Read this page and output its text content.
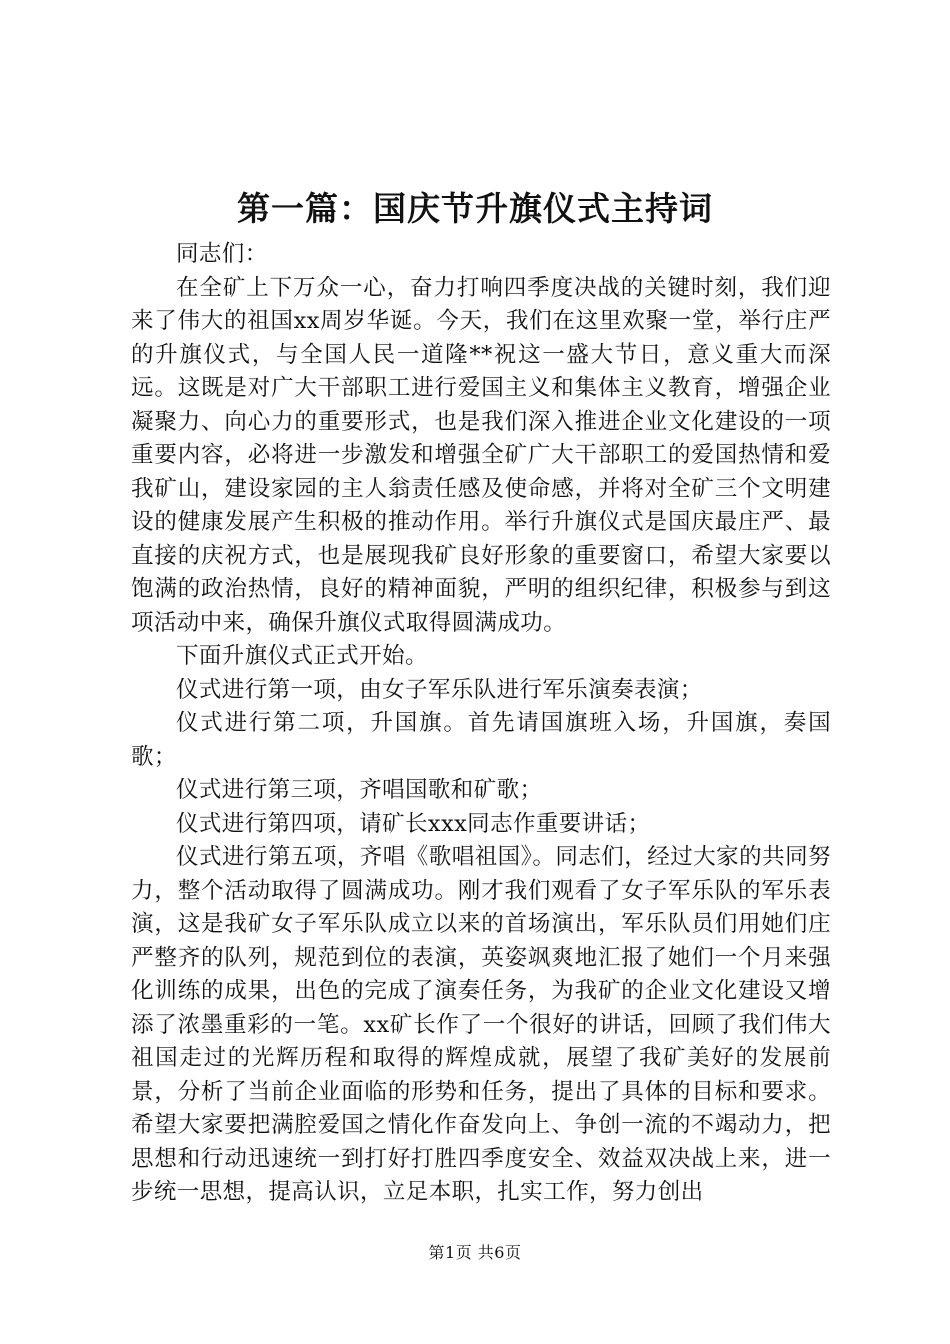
第一篇：国庆节升旗仪式主持词

同志们：

在全矿上下万众一心，奋力打响四季度决战的关键时刻，我们迎来了伟大的祖国xx周岁华诞。今天，我们在这里欢聚一堂，举行庄严的升旗仪式，与全国人民一道隆**祝这一盛大节日，意义重大而深远。这既是对广大干部职工进行爱国主义和集体主义教育，增强企业凝聚力、向心力的重要形式，也是我们深入推进企业文化建设的一项重要内容，必将进一步激发和增强全矿广大干部职工的爱国热情和爱我矿山，建设家园的主人翁责任感及使命感，并将对全矿三个文明建设的健康发展产生积极的推动作用。举行升旗仪式是国庆最庄严、最直接的庆祝方式，也是展现我矿良好形象的重要窗口，希望大家要以饱满的政治热情，良好的精神面貌，严明的组织纪律，积极参与到这项活动中来，确保升旗仪式取得圆满成功。

下面升旗仪式正式开始。

仪式进行第一项，由女子军乐队进行军乐演奏表演；

仪式进行第二项，升国旗。首先请国旗班入场，升国旗，奏国歌；

仪式进行第三项，齐唱国歌和矿歌；

仪式进行第四项，请矿长xxx同志作重要讲话；

仪式进行第五项，齐唱《歌唱祖国》。同志们，经过大家的共同努力，整个活动取得了圆满成功。刚才我们观看了女子军乐队的军乐表演，这是我矿女子军乐队成立以来的首场演出，军乐队员们用她们庄严整齐的队列，规范到位的表演，英姿飒爽地汇报了她们一个月来强化训练的成果，出色的完成了演奏任务，为我矿的企业文化建设又增添了浓墨重彩的一笔。xx矿长作了一个很好的讲话，回顾了我们伟大祖国走过的光辉历程和取得的辉煌成就，展望了我矿美好的发展前景，分析了当前企业面临的形势和任务，提出了具体的目标和要求。希望大家要把满腔爱国之情化作奋发向上、争创一流的不竭动力，把思想和行动迅速统一到打好打胜四季度安全、效益双决战上来，进一步统一思想，提高认识，立足本职，扎实工作，努力创出

第1页 共6页
